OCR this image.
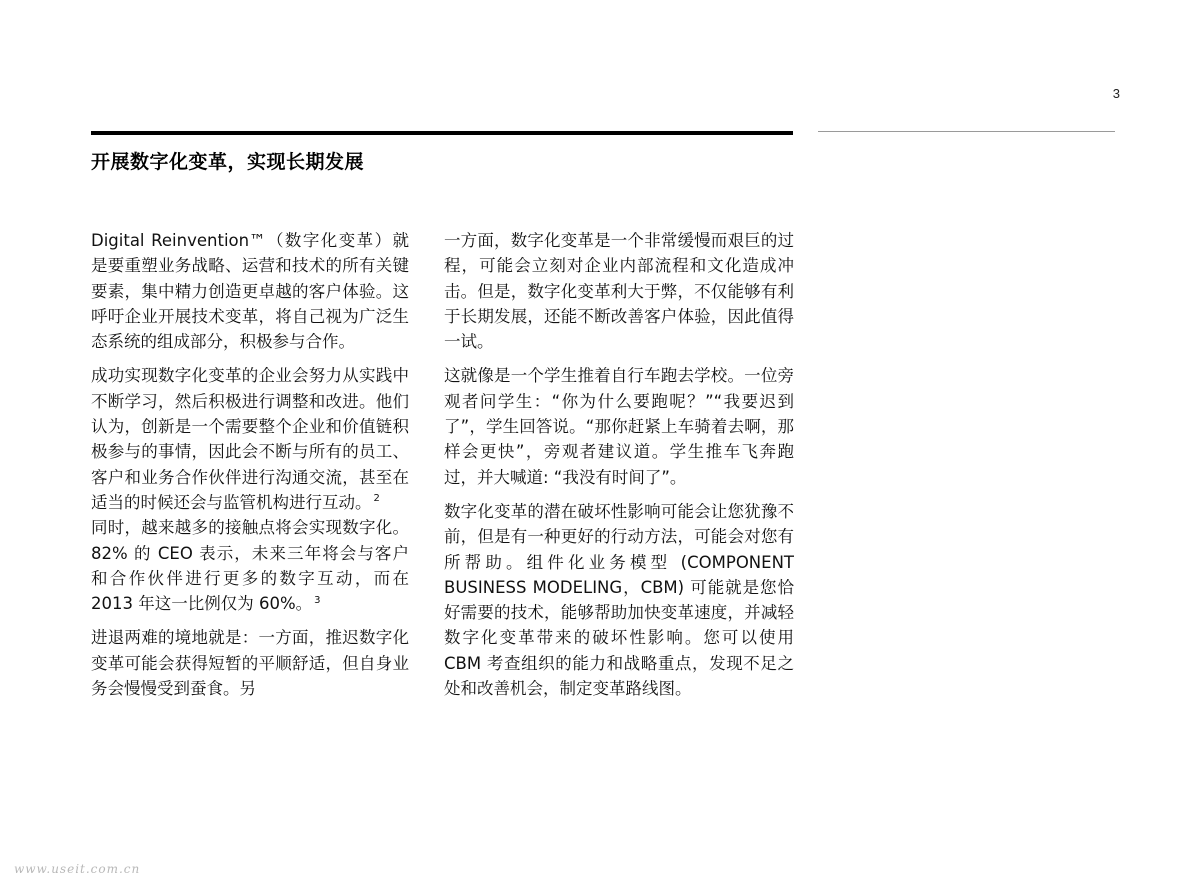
3
开展数字化变革，实现长期发展

Digital Reinvention™（数字化变革）就是要重塑业务战略、运营和技术的所有关键要素，集中精力创造更卓越的客户体验。这呼吁企业开展技术变革，将自己视为广泛生态系统的组成部分，积极参与合作。

成功实现数字化变革的企业会努力从实践中不断学习，然后积极进行调整和改进。他们认为，创新是一个需要整个企业和价值链积极参与的事情，因此会不断与所有的员工、客户和业务合作伙伴进行沟通交流，甚至在适当的时候还会与监管机构进行互动。 $^2$
同时，越来越多的接触点将会实现数字化。82% 的 CEO 表示，未来三年将会与客户和合作伙伴进行更多的数字互动，而在 2013 年这一比例仅为 60%。 $^3$

进退两难的境地就是：一方面，推迟数字化变革可能会获得短暂的平顺舒适，但自身业务会慢慢受到蚕食。另

一方面，数字化变革是一个非常缓慢而艰巨的过程，可能会立刻对企业内部流程和文化造成冲击。但是，数字化变革利大于弊，不仅能够有利于长期发展，还能不断改善客户体验，因此值得一试。

这就像是一个学生推着自行车跑去学校。一位旁观者问学生：“你为什么要跑呢？”“我要迟到了”，学生回答说。“那你赶紧上车骑着去啊，那样会更快”，旁观者建议道。学生推车飞奔跑过，并大喊道: “我没有时间了”。

数字化变革的潜在破坏性影响可能会让您犹豫不前，但是有一种更好的行动方法，可能会对您有所帮助。组件化业务模型 (COMPONENT BUSINESS MODELING，CBM) 可能就是您恰好需要的技术，能够帮助加快变革速度，并减轻数字化变革带来的破坏性影响。您可以使用 CBM 考查组织的能力和战略重点，发现不足之处和改善机会，制定变革路线图。

www.useit.com.cn
